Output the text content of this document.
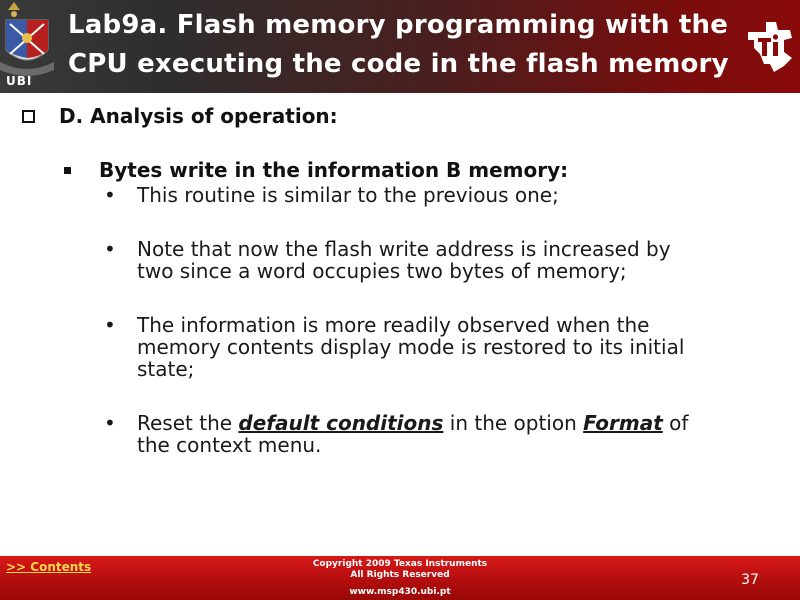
UBI
Lab9a. Flash memory programming with the
CPU executing the code in the flash memory
D. Analysis of operation:
Bytes write in the information B memory:
• This routine is similar to the previous one;
• Note that now the flash write address is increased by
two since a word occupies two bytes of memory;
• The information is more readily observed when the
memory contents display mode is restored to its initial
state;
• Reset the default conditions in the option Format of
the context menu.
>> Contents	Copyright 2009 Texas Instruments
All Rights Reserved
www.msp430.ubi.pt
37
